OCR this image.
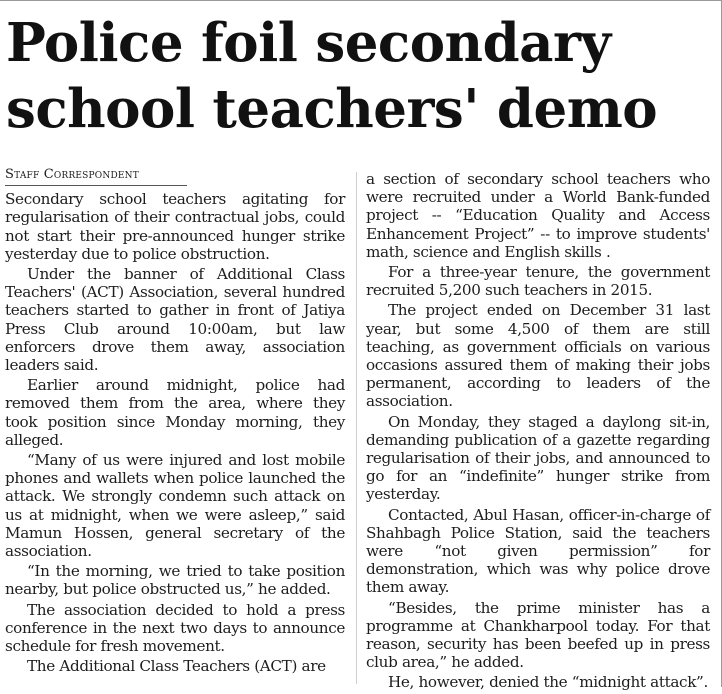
Police foil secondary
school teachers' demo
Staff Correspondent

Secondary school teachers agitating for regularisation of their contractual jobs, could not start their pre-announced hunger strike yesterday due to police obstruction.

Under the banner of Additional Class Teachers' (ACT) Association, several hundred teachers started to gather in front of Jatiya Press Club around 10:00am, but law enforcers drove them away, association leaders said.

Earlier around midnight, police had removed them from the area, where they took position since Monday morning, they alleged.

“Many of us were injured and lost mobile phones and wallets when police launched the attack. We strongly condemn such attack on us at midnight, when we were asleep,” said Mamun Hossen, general secretary of the association.

“In the morning, we tried to take position nearby, but police obstructed us,” he added.

The association decided to hold a press conference in the next two days to announce schedule for fresh movement.

The Additional Class Teachers (ACT) are

a section of secondary school teachers who were recruited under a World Bank-funded project -- “Education Quality and Access Enhancement Project” -- to improve students' math, science and English skills .

For a three-year tenure, the government recruited 5,200 such teachers in 2015.

The project ended on December 31 last year, but some 4,500 of them are still teaching, as government officials on various occasions assured them of making their jobs permanent, according to leaders of the association.

On Monday, they staged a daylong sit-in, demanding publication of a gazette regarding regularisation of their jobs, and announced to go for an “indefinite” hunger strike from yesterday.

Contacted, Abul Hasan, officer-in-charge of Shahbagh Police Station, said the teachers were “not given permission” for demonstration, which was why police drove them away.

“Besides, the prime minister has a programme at Chankharpool today. For that reason, security has been beefed up in press club area,” he added.

He, however, denied the “midnight attack”.
